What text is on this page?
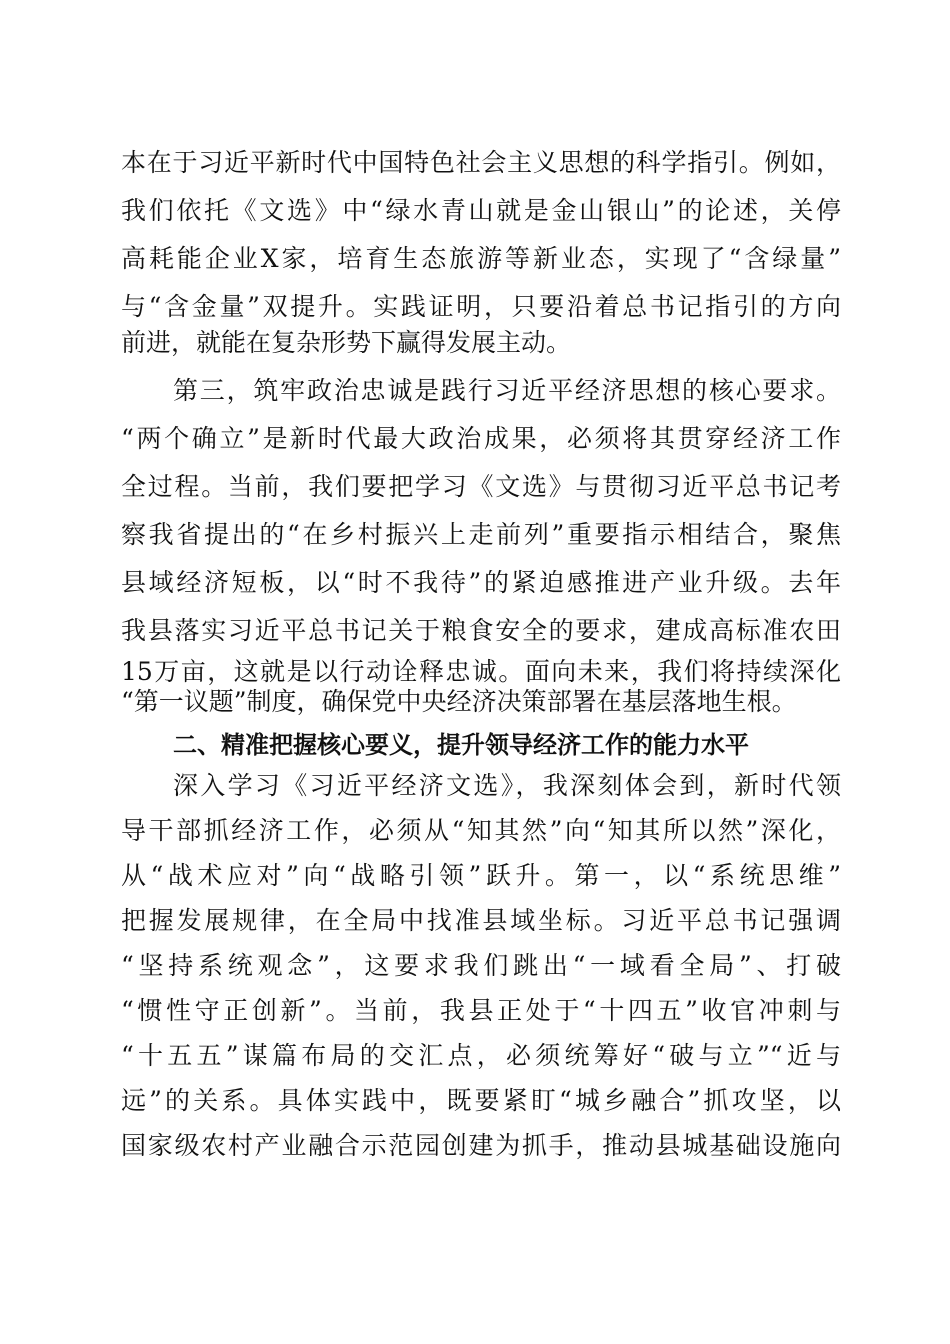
本在于习近平新时代中国特色社会主义思想的科学指引。例如，
我们依托《文选》中“绿水青山就是金山银山”的论述，关停
高耗能企业X家，培育生态旅游等新业态，实现了“含绿量”
与“含金量”双提升。实践证明，只要沿着总书记指引的方向
前进，就能在复杂形势下赢得发展主动。
第三，筑牢政治忠诚是践行习近平经济思想的核心要求。
“两个确立”是新时代最大政治成果，必须将其贯穿经济工作
全过程。当前，我们要把学习《文选》与贯彻习近平总书记考
察我省提出的“在乡村振兴上走前列”重要指示相结合，聚焦
县域经济短板，以“时不我待”的紧迫感推进产业升级。去年
我县落实习近平总书记关于粮食安全的要求，建成高标准农田
15万亩，这就是以行动诠释忠诚。面向未来，我们将持续深化
“第一议题”制度，确保党中央经济决策部署在基层落地生根。
二、精准把握核心要义，提升领导经济工作的能力水平
深入学习《习近平经济文选》，我深刻体会到，新时代领
导干部抓经济工作，必须从“知其然”向“知其所以然”深化，
从“战术应对”向“战略引领”跃升。第一，以“系统思维”
把握发展规律，在全局中找准县域坐标。习近平总书记强调
“坚持系统观念”，这要求我们跳出“一域看全局”、打破
“惯性守正创新”。当前，我县正处于“十四五”收官冲刺与
“十五五”谋篇布局的交汇点，必须统筹好“破与立”“近与
远”的关系。具体实践中，既要紧盯“城乡融合”抓攻坚，以
国家级农村产业融合示范园创建为抓手，推动县城基础设施向
